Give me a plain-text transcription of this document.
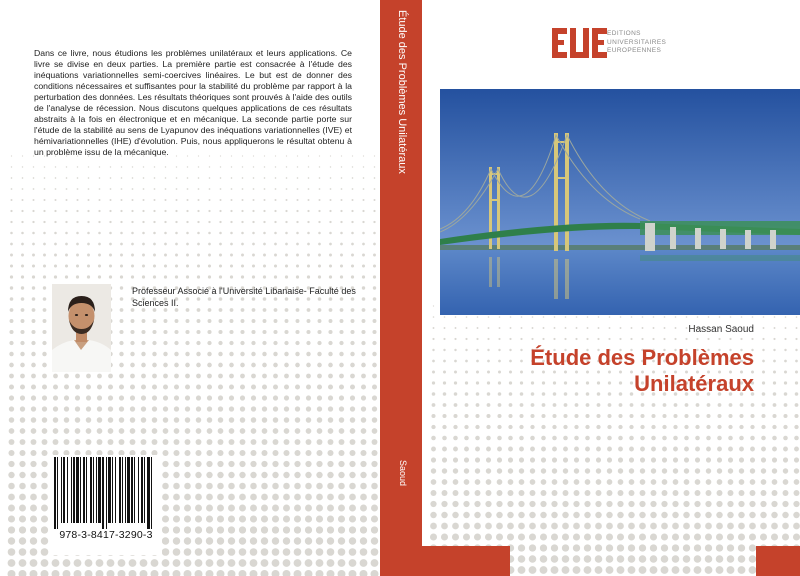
Dans ce livre, nous étudions les problèmes unilatéraux et leurs applications. Ce livre se divise en deux parties. La première partie est consacrée à l'étude des inéquations variationnelles semi-coercives linéaires. Le but est de donner des conditions nécessaires et suffisantes pour la stabilité du problème par rapport à la perturbation des données. Les résultats théoriques sont prouvés à l'aide des outils de l'analyse de récession. Nous discutons quelques applications de ces résultats abstraits à la fois en électronique et en mécanique. La seconde partie porte sur l'étude de la stabilité au sens de Lyapunov des inéquations variationnelles (IVE) et hémivariationnelles (IHE) d'évolution. Puis, nous appliquerons le résultat obtenu à un problème issu de la mécanique.

Professeur Associé à l'Université Libanaise- Faculté des Sciences II.

978-3-8417-3290-3
Étude des Problèmes Unilatéraux
Saoud

EDITIONS
UNIVERSITAIRES
EUROPEENNES

Hassan Saoud
Étude des Problèmes
Unilatéraux
